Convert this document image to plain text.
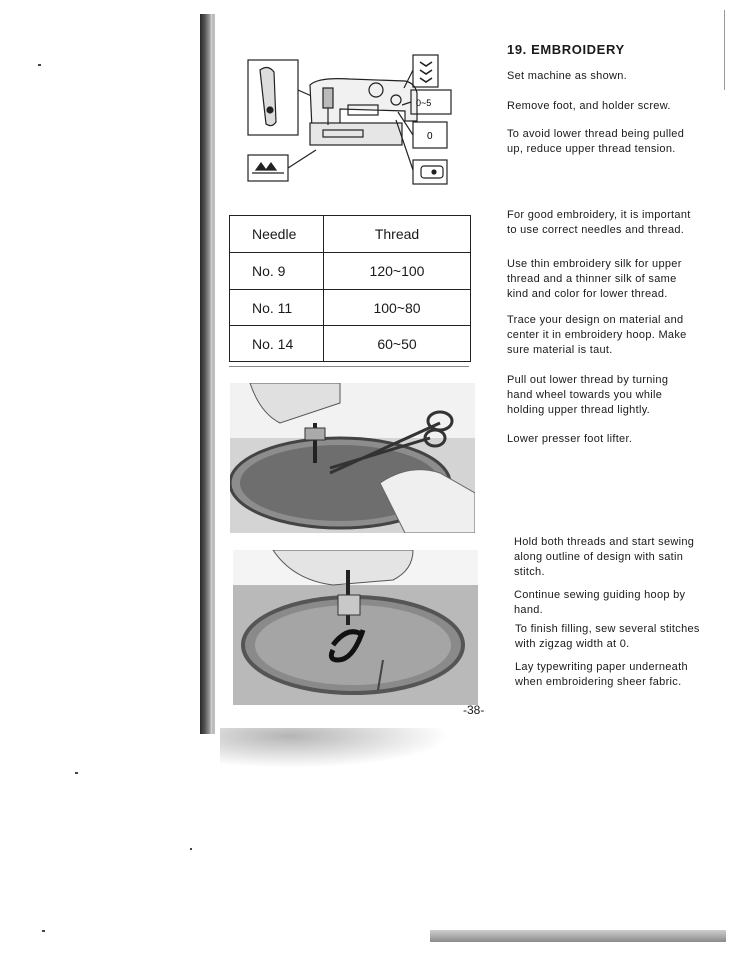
0~5
0
Needle	Thread
No. 9	120~100
No. 11	100~80
No. 14	60~50
19. EMBROIDERY
Set machine as shown.
Remove foot, and holder screw.
To avoid lower thread being pulled up, reduce upper thread tension.
For good embroidery, it is important to use correct needles and thread.
Use thin embroidery silk for upper thread and a thinner silk of same kind and color for lower thread.
Trace your design on material and center it in embroidery hoop. Make sure material is taut.
Pull out lower thread by turning hand wheel towards you while holding upper thread lightly.
Lower presser foot lifter.
Hold both threads and start sewing along outline of design with satin stitch.
Continue sewing guiding hoop by hand.
To finish filling, sew several stitches with zigzag width at 0.
Lay typewriting paper underneath when embroidering sheer fabric.
-38-
